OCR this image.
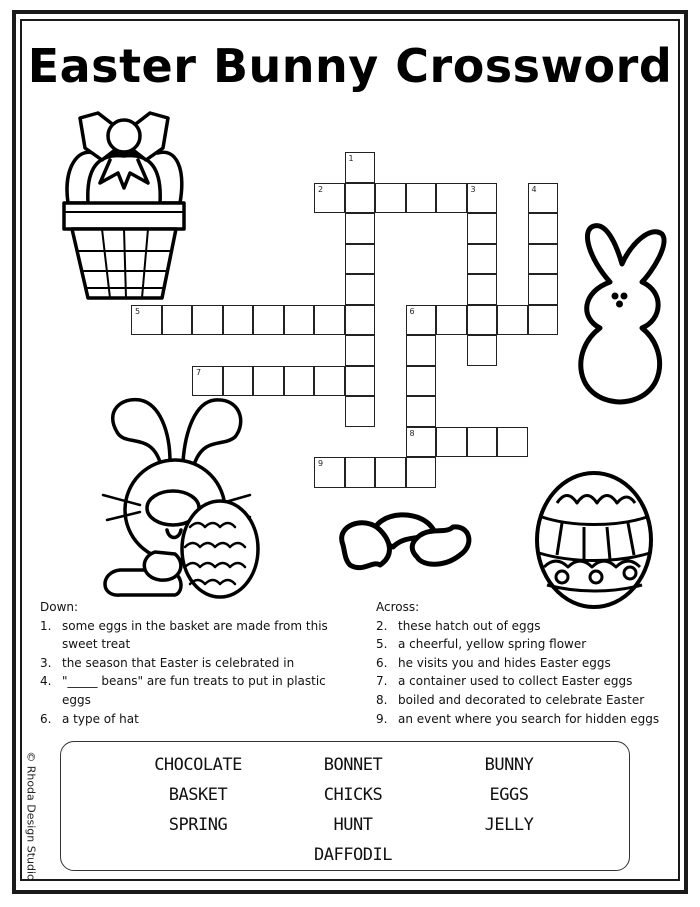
Easter Bunny Crossword
1
2	3	4
5	6
7
8
9
Down:
1. some eggs in the basket are made from this sweet treat
3. the season that Easter is celebrated in
4. "_____ beans" are fun treats to put in plastic eggs
6. a type of hat
Across:
2. these hatch out of eggs
5. a cheerful, yellow spring flower
6. he visits you and hides Easter eggs
7. a container used to collect Easter eggs
8. boiled and decorated to celebrate Easter
9. an event where you search for hidden eggs
CHOCOLATE	BONNET	BUNNY
BASKET	CHICKS	EGGS
SPRING	HUNT	JELLY
DAFFODIL
© Rhoda Design Studio
